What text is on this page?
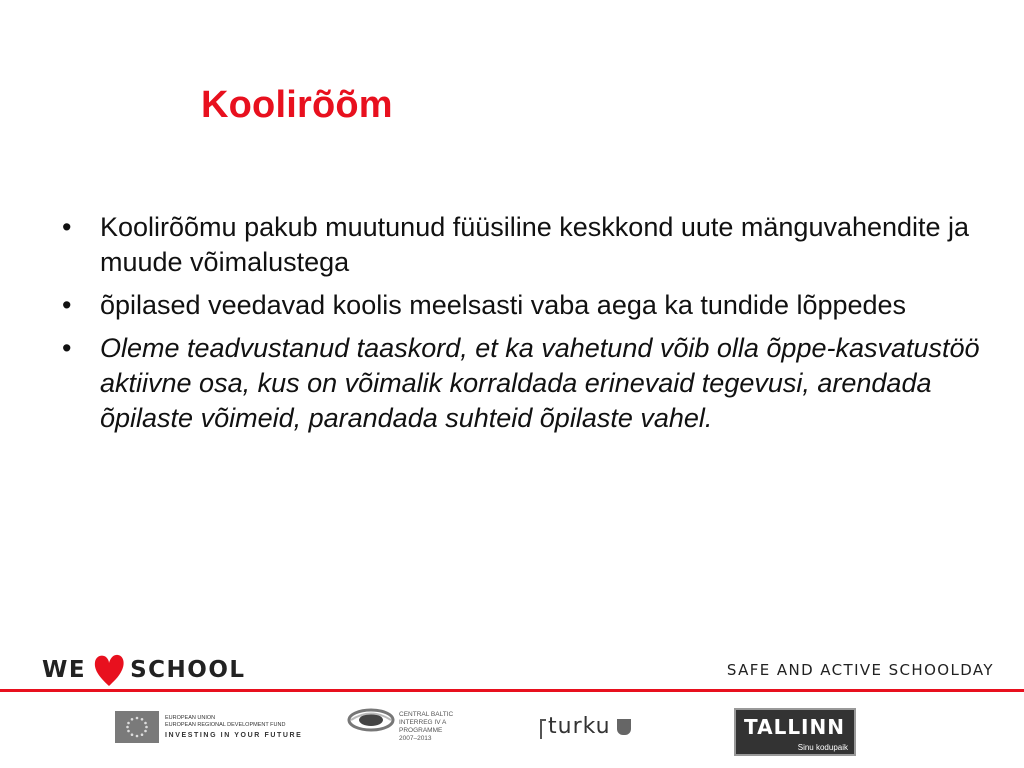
Koolirõõm
• Koolirõõmu pakub muutunud füüsiline keskkond uute mänguvahendite ja muude võimalustega
• õpilased veedavad koolis meelsasti vaba aega ka tundide lõppedes
• Oleme teadvustanud taaskord, et ka vahetund võib olla õppe-kasvatustöö aktiivne osa, kus on võimalik korraldada erinevaid tegevusi, arendada õpilaste võimeid, parandada suhteid õpilaste vahel.
WE SCHOOL	SAFE AND ACTIVE SCHOOLDAY
EUROPEAN UNION
EUROPEAN REGIONAL DEVELOPMENT FUND
INVESTING IN YOUR FUTURE
CENTRAL BALTIC
INTERREG IV A
PROGRAMME
2007–2013	turku	TALLINN
Sinu kodupaik
